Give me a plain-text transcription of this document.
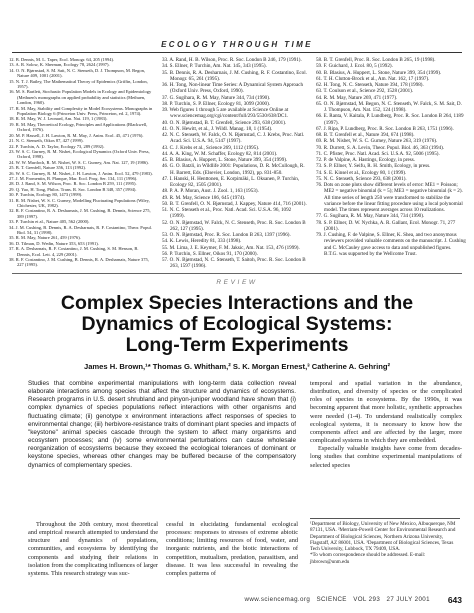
ECOLOGY THROUGH TIME
12. B. Dennis, M. L. Taper, Ecol. Monogr. 64, 205 (1994).
13. A. R. Solow, K. Sherman, Ecology 78, 2624 (1997).
14. O. N. Bjørnstad, S. M. Sait, N. C. Stenseth, D. J. Thompson, M. Begon, Nature 409, 1001 (2001).
15. N. T. J. Bailey, The Mathematical Theory of Epidemics (Griffin, London, 1957).
16. M. S. Bartlett, Stochastic Population Models in Ecology and Epidemiology (Methuen's monographs on applied probability and statistics (Methuen, London, 1960).
17. R. M. May, Stability and Complexity in Model Ecosystems. Monographs in Population Biology 6 (Princeton Univ. Press, Princeton, ed. 2, 1974).
18. R. M. May, W. J. Leonard, Am. Nat. 119, 1 (1983).
19. R. M. May, Theoretical Ecology, Principles and Applications (Blackwell, Oxford, 1976).
20. M. P. Hassell, J. H. Lawton, R. M. May, J. Anim. Ecol. 45, 471 (1976).
21. N. C. Stenseth, Oikos 87, 427 (1999).
22. P. Turchin, A. D. Taylor, Ecology 73, 289 (1992).
23. W. S. C. Gurney, R. M. Nisbet, Ecological Dynamics (Oxford Univ. Press, Oxford, 1998).
24. W. W. Murdoch, R. M. Nisbet, W. S. C. Gurney, Am. Nat. 127, 19 (1986).
25. B. T. Grenfell, Nature 356, 113 (1992).
26. W. S. C. Gurney, R. M. Nisbet, J. H. Lawton, J. Anim. Ecol. 52, 479 (1983).
27. J. M. Fromentin, B. Planque, Mar. Ecol. Prog. Ser. 134, 111 (1996).
28. D. J. Rand, S. M. Wilson, Proc. R. Soc. London B 259, 111 (1995).
29. Q. Yao, H. Tong, Philos. Trans. R. Soc. London B 348, 357 (1994).
30. P. Turchin, Ecology 80, 1473 (1999).
31. R. M. Nisbet, W. S. C. Gurney, Modelling Fluctuating Populations (Wiley, Chichester, UK, 1982).
32. R. F. Costantino, R. A. Desharnais, J. M. Cushing, B. Dennis, Science 275, 389 (1997).
33. P. Turchin et al., Nature 405, 562 (2000).
34. J. M. Cushing, B. Dennis, R. A. Desharnais, R. F. Costantino, Theor. Popul. Biol. 54, 31 (1998).
35. R. M. May, Nature 261, 459 (1976).
36. D. Tilman, D. Wedin, Nature 353, 653 (1991).
37. R. A. Desharnais, R. F. Costantino, J. M. Cushing, S. M. Henson, B. Dennis, Ecol. Lett. 4, 229 (2001).
38. R. F. Costantino, J. M. Cushing, B. Dennis, R. A. Desharnais, Nature 375, 227 (1995).
33. A. Rand, H. B. Wilson, Proc. R. Soc. London B 246, 179 (1991).
34. S. Ellner, P. Turchin, Am. Nat. 145, 343 (1995).
35. B. Dennis, R. A. Desharnais, J. M. Cushing, R. F. Costantino, Ecol. Monogr. 65, 261 (1995).
36. H. Tong, Non-linear Time Series: A Dynamical System Approach (Oxford Univ. Press, Oxford, 1990).
37. G. Sugihara, R. M. May, Nature 344, 734 (1990).
38. P. Turchin, S. P. Ellner, Ecology 81, 3099 (2000).
39. Web figures 1 through 5 are available at Science Online at www.sciencemag.org/cgi/content/full/293/5530/638/DC1.
40. O. N. Bjørnstad, B. T. Grenfell, Science 293, 638 (2001).
41. O. N. Hewitt, et al., J. Wildl. Manag. 18, 1 (1954).
42. N. C. Stenseth, W. Falck, O. N. Bjørnstad, C. J. Krebs, Proc. Natl. Acad. Sci. U.S.A. 94, 5147 (1997).
43. C. J. Krebs et al., Science 269, 1112 (1995).
44. A. A. King, W. M. Schaffer, Ecology 82, 814 (2001).
45. B. Blasius, A. Huppert, L. Stone, Nature 399, 354 (1999).
46. G. O. Batzli, in Wildlife 2001: Populations, D. R. McCullough, R. H. Barrett, Eds. (Elsevier, London, 1992), pp. 831-850.
47. I. Hanski, H. Henttonen, E. Korpimäki, L. Oksanen, P. Turchin, Ecology 82, 1505 (2001).
48. P. A. P. Moran, Aust. J. Zool. 1, 163 (1953).
49. R. M. May, Science 186, 645 (1974).
50. B. T. Grenfell, O. N. Bjørnstad, J. Kappey, Nature 414, 716 (2001).
51. N. C. Stenseth et al., Proc. Natl. Acad. Sci. U.S.A. 96, 1092 (1999).
52. O. N. Bjørnstad, W. Falck, N. C. Stenseth, Proc. R. Soc. London B 262, 127 (1995).
53. O. N. Bjørnstad, Proc. R. Soc. London B 263, 1397 (1996).
54. K. Lewis, Heredity 81, 333 (1998).
55. M. Lima, J. E. Keymer, F. M. Jaksic, Am. Nat. 153, 476 (1999).
56. P. Turchin, S. Ellner, Oikos 91, 170 (2000).
57. O. N. Bjørnstad, N. C. Stenseth, T. Saitoh, Proc. R. Soc. London B 263, 1597 (1996).
58. B. T. Grenfell, Proc. R. Soc. London B 265, 19 (1998).
59. F. Guichard, J. Ecol. 80, 5 (1992).
60. B. Blasius, A. Huppert, L. Stone, Nature 399, 354 (1999).
61. T. H. Clutton-Brock et al., Am. Nat. 162, 17 (1997).
62. H. Tong, N. C. Stenseth, Nature 394, 178 (1998).
63. T. Coulson et al., Science 292, 1528 (2001).
64. R. M. May, Nature 269, 471 (1977).
65. O. N. Bjørnstad, M. Begon, N. C. Stenseth, W. Falck, S. M. Sait, D. J. Thompson, Am. Nat. 152, 124 (1998).
66. E. Ranta, V. Kaitala, P. Lundberg, Proc. R. Soc. London B 264, 1189 (1997).
67. J. Ripa, P. Lundberg, Proc. R. Soc. London B 263, 1751 (1996).
68. B. T. Grenfell et al., Nature 394, 674 (1998).
69. R. M. Nisbet, W. S. C. Gurney, Nature 263, 319 (1976).
70. R. Durrett, S. A. Levin, Theor. Popul. Biol. 46, 363 (1994).
71. C. Pfister, Proc. Natl. Acad. Sci. U.S.A. 92, 5006 (1995).
72. P. de Valpine, A. Hastings, Ecology, in press.
73. S. P. Ellner, Y. Seifu, R. H. Smith, Ecology, in press.
74. S. E. Kinsel et al., Ecology 80, 1 (1999).
75. N. C. Stenseth, Science 293, 638 (2001).
76. Dots on zone plots show different levels of error: ME1 = Poisson; ME2 = negative binomial (k = 5); ME3 = negative binomial (k = 2). All time series of length 250 were transformed to stabilize the variance before the linear fitting procedure using a local polynomial model. The times represent averages across 10 realizations.
77. G. Sugihara, R. M. May, Nature 344, 734 (1990).
78. S. P. Ellner, D. W. Nychka, A. R. Gallant, Ecol. Monogr. 71, 277 (2001).
79. J. Cushing, F. de Valpine, S. Ellner, K. Shea, and two anonymous reviewers provided valuable comments on the manuscript. J. Cushing and C. McCauley gave access to data and unpublished figures. B.T.G. was supported by the Wellcome Trust.
REVIEW
Complex Species Interactions and the
Dynamics of Ecological Systems:
Long-Term Experiments
James H. Brown,¹* Thomas G. Whitham,² S. K. Morgan Ernest,³ Catherine A. Gehring²
Studies that combine experimental manipulations with long-term data collection reveal elaborate interactions among species that affect the structure and dynamics of ecosystems. Research programs in U.S. desert shrubland and pinyon-juniper woodland have shown that (i) complex dynamics of species populations reflect interactions with other organisms and fluctuating climate; (ii) genotype x environment interactions affect responses of species to environmental change; (iii) herbivore-resistance traits of dominant plant species and impacts of "keystone" animal species cascade through the system to affect many organisms and ecosystem processes; and (iv) some environmental perturbations can cause wholesale reorganization of ecosystems because they exceed the ecological tolerances of dominant or keystone species, whereas other changes may be buffered because of the compensatory dynamics of complementary species.

temporal and spatial variation in the abundance, distribution, and diversity of species or the complicated roles of species in ecosystems. By the 1990s, it was becoming apparent that more holistic, synthetic approaches were needed (1-4). To understand realistically complex ecological systems, it is necessary to know how the components affect and are affected by the larger, more complicated systems in which they are embedded.

Especially valuable insights have come from decades-long studies that combine experimental manipulations of selected species

¹Department of Biology, University of New Mexico, Albuquerque, NM 87131, USA. ²Merriam-Powell Center for Environmental Research and Department of Biological Sciences, Northern Arizona University, Flagstaff, AZ 86001, USA. ³Department of Biological Sciences, Texas Tech University, Lubbock, TX 79409, USA.
*To whom correspondence should be addressed. E-mail: jhbrown@unm.edu

Throughout the 20th century, most theoretical and empirical research attempted to understand the structure and dynamics of populations, communities, and ecosystems by identifying the components and studying their relations in isolation from the complicating influences of larger systems. This research strategy was suc-

cessful in elucidating fundamental ecological processes: responses to stresses of extreme abiotic conditions; limiting resources of food, water, and inorganic nutrients, and the biotic interactions of competition, mutualism, predation, parasitism, and disease. It was less successful in revealing the complex patterns of

www.sciencemag.org   SCIENCE   VOL 293   27 JULY 2001 643
